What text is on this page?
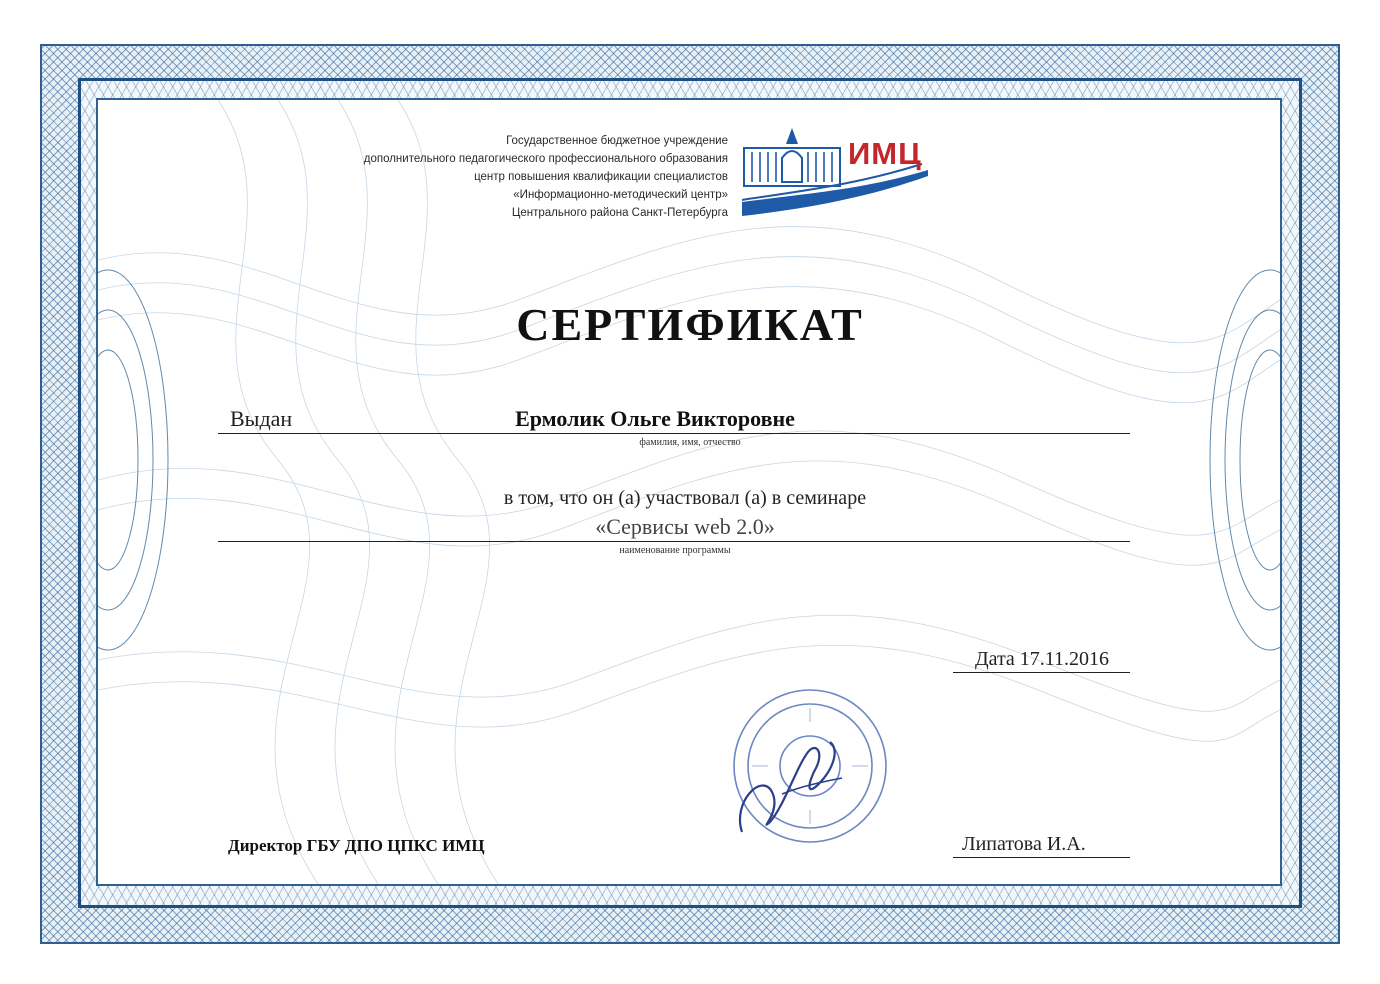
Государственное бюджетное учреждение
дополнительного педагогического профессионального образования
центр повышения квалификации специалистов
«Информационно-методический центр»
Центрального района Санкт-Петербурга
ИМЦ
СЕРТИФИКАТ
Выдан	Ермолик Ольге Викторовне
фамилия, имя, отчество
в том, что он (а) участвовал (а) в семинаре
«Сервисы web 2.0»
наименование программы
Дата 17.11.2016
Директор ГБУ ДПО ЦПКС ИМЦ	Липатова И.А.
